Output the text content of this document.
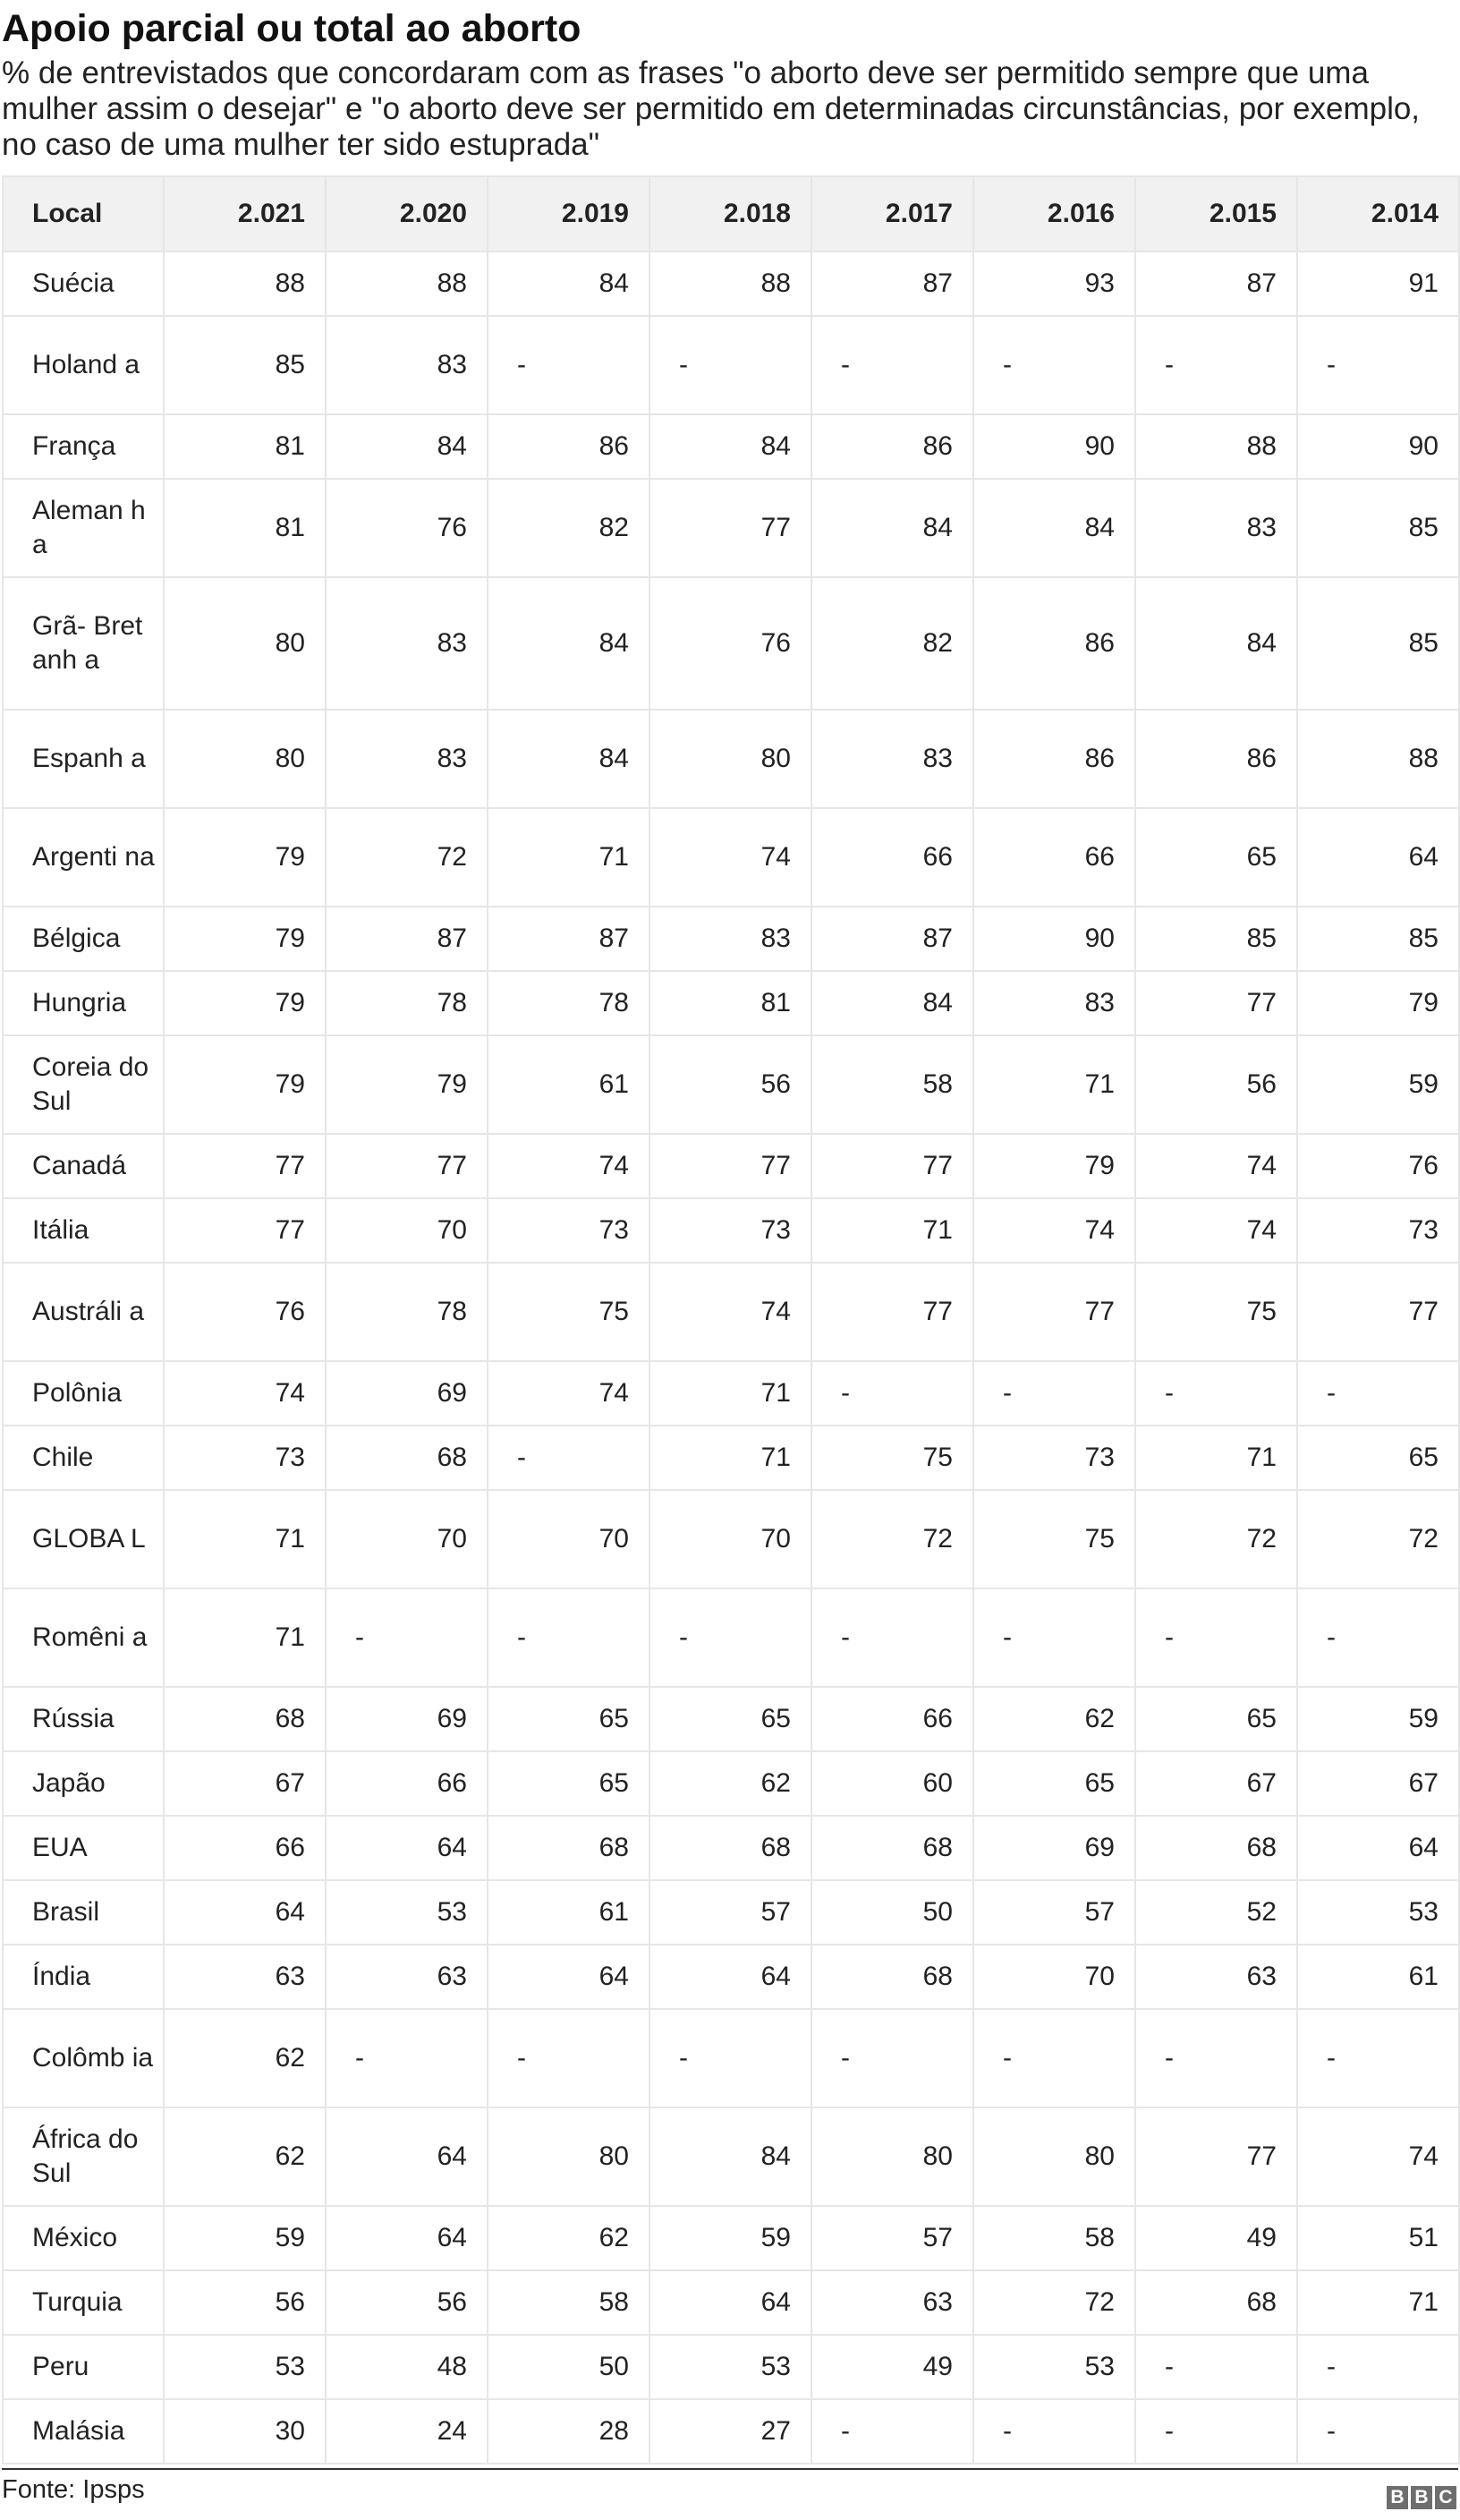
Apoio parcial ou total ao aborto
% de entrevistados que concordaram com as frases "o aborto deve ser permitido sempre que uma mulher assim o desejar" e "o aborto deve ser permitido em determinadas circunstâncias, por exemplo, no caso de uma mulher ter sido estuprada"
Local	2.021	2.020	2.019	2.018	2.017	2.016	2.015	2.014
Suécia	88	88	84	88	87	93	87	91
Holand a	85	83	-	-	-	-	-	-
França	81	84	86	84	86	90	88	90
Aleman ha	81	76	82	77	84	84	83	85
Grã- Bretanh a	80	83	84	76	82	86	84	85
Espanh a	80	83	84	80	83	86	86	88
Argenti na	79	72	71	74	66	66	65	64
Bélgica	79	87	87	83	87	90	85	85
Hungria	79	78	78	81	84	83	77	79
Coreia do Sul	79	79	61	56	58	71	56	59
Canadá	77	77	74	77	77	79	74	76
Itália	77	70	73	73	71	74	74	73
Austráli a	76	78	75	74	77	77	75	77
Polônia	74	69	74	71	-	-	-	-
Chile	73	68	-	71	75	73	71	65
GLOBA L	71	70	70	70	72	75	72	72
Romêni a	71	-	-	-	-	-	-	-
Rússia	68	69	65	65	66	62	65	59
Japão	67	66	65	62	60	65	67	67
EUA	66	64	68	68	68	69	68	64
Brasil	64	53	61	57	50	57	52	53
Índia	63	63	64	64	68	70	63	61
Colômb ia	62	-	-	-	-	-	-	-
África do Sul	62	64	80	84	80	80	77	74
México	59	64	62	59	57	58	49	51
Turquia	56	56	58	64	63	72	68	71
Peru	53	48	50	53	49	53	-	-
Malásia	30	24	28	27	-	-	-	-
Fonte: Ipsps	B B C
